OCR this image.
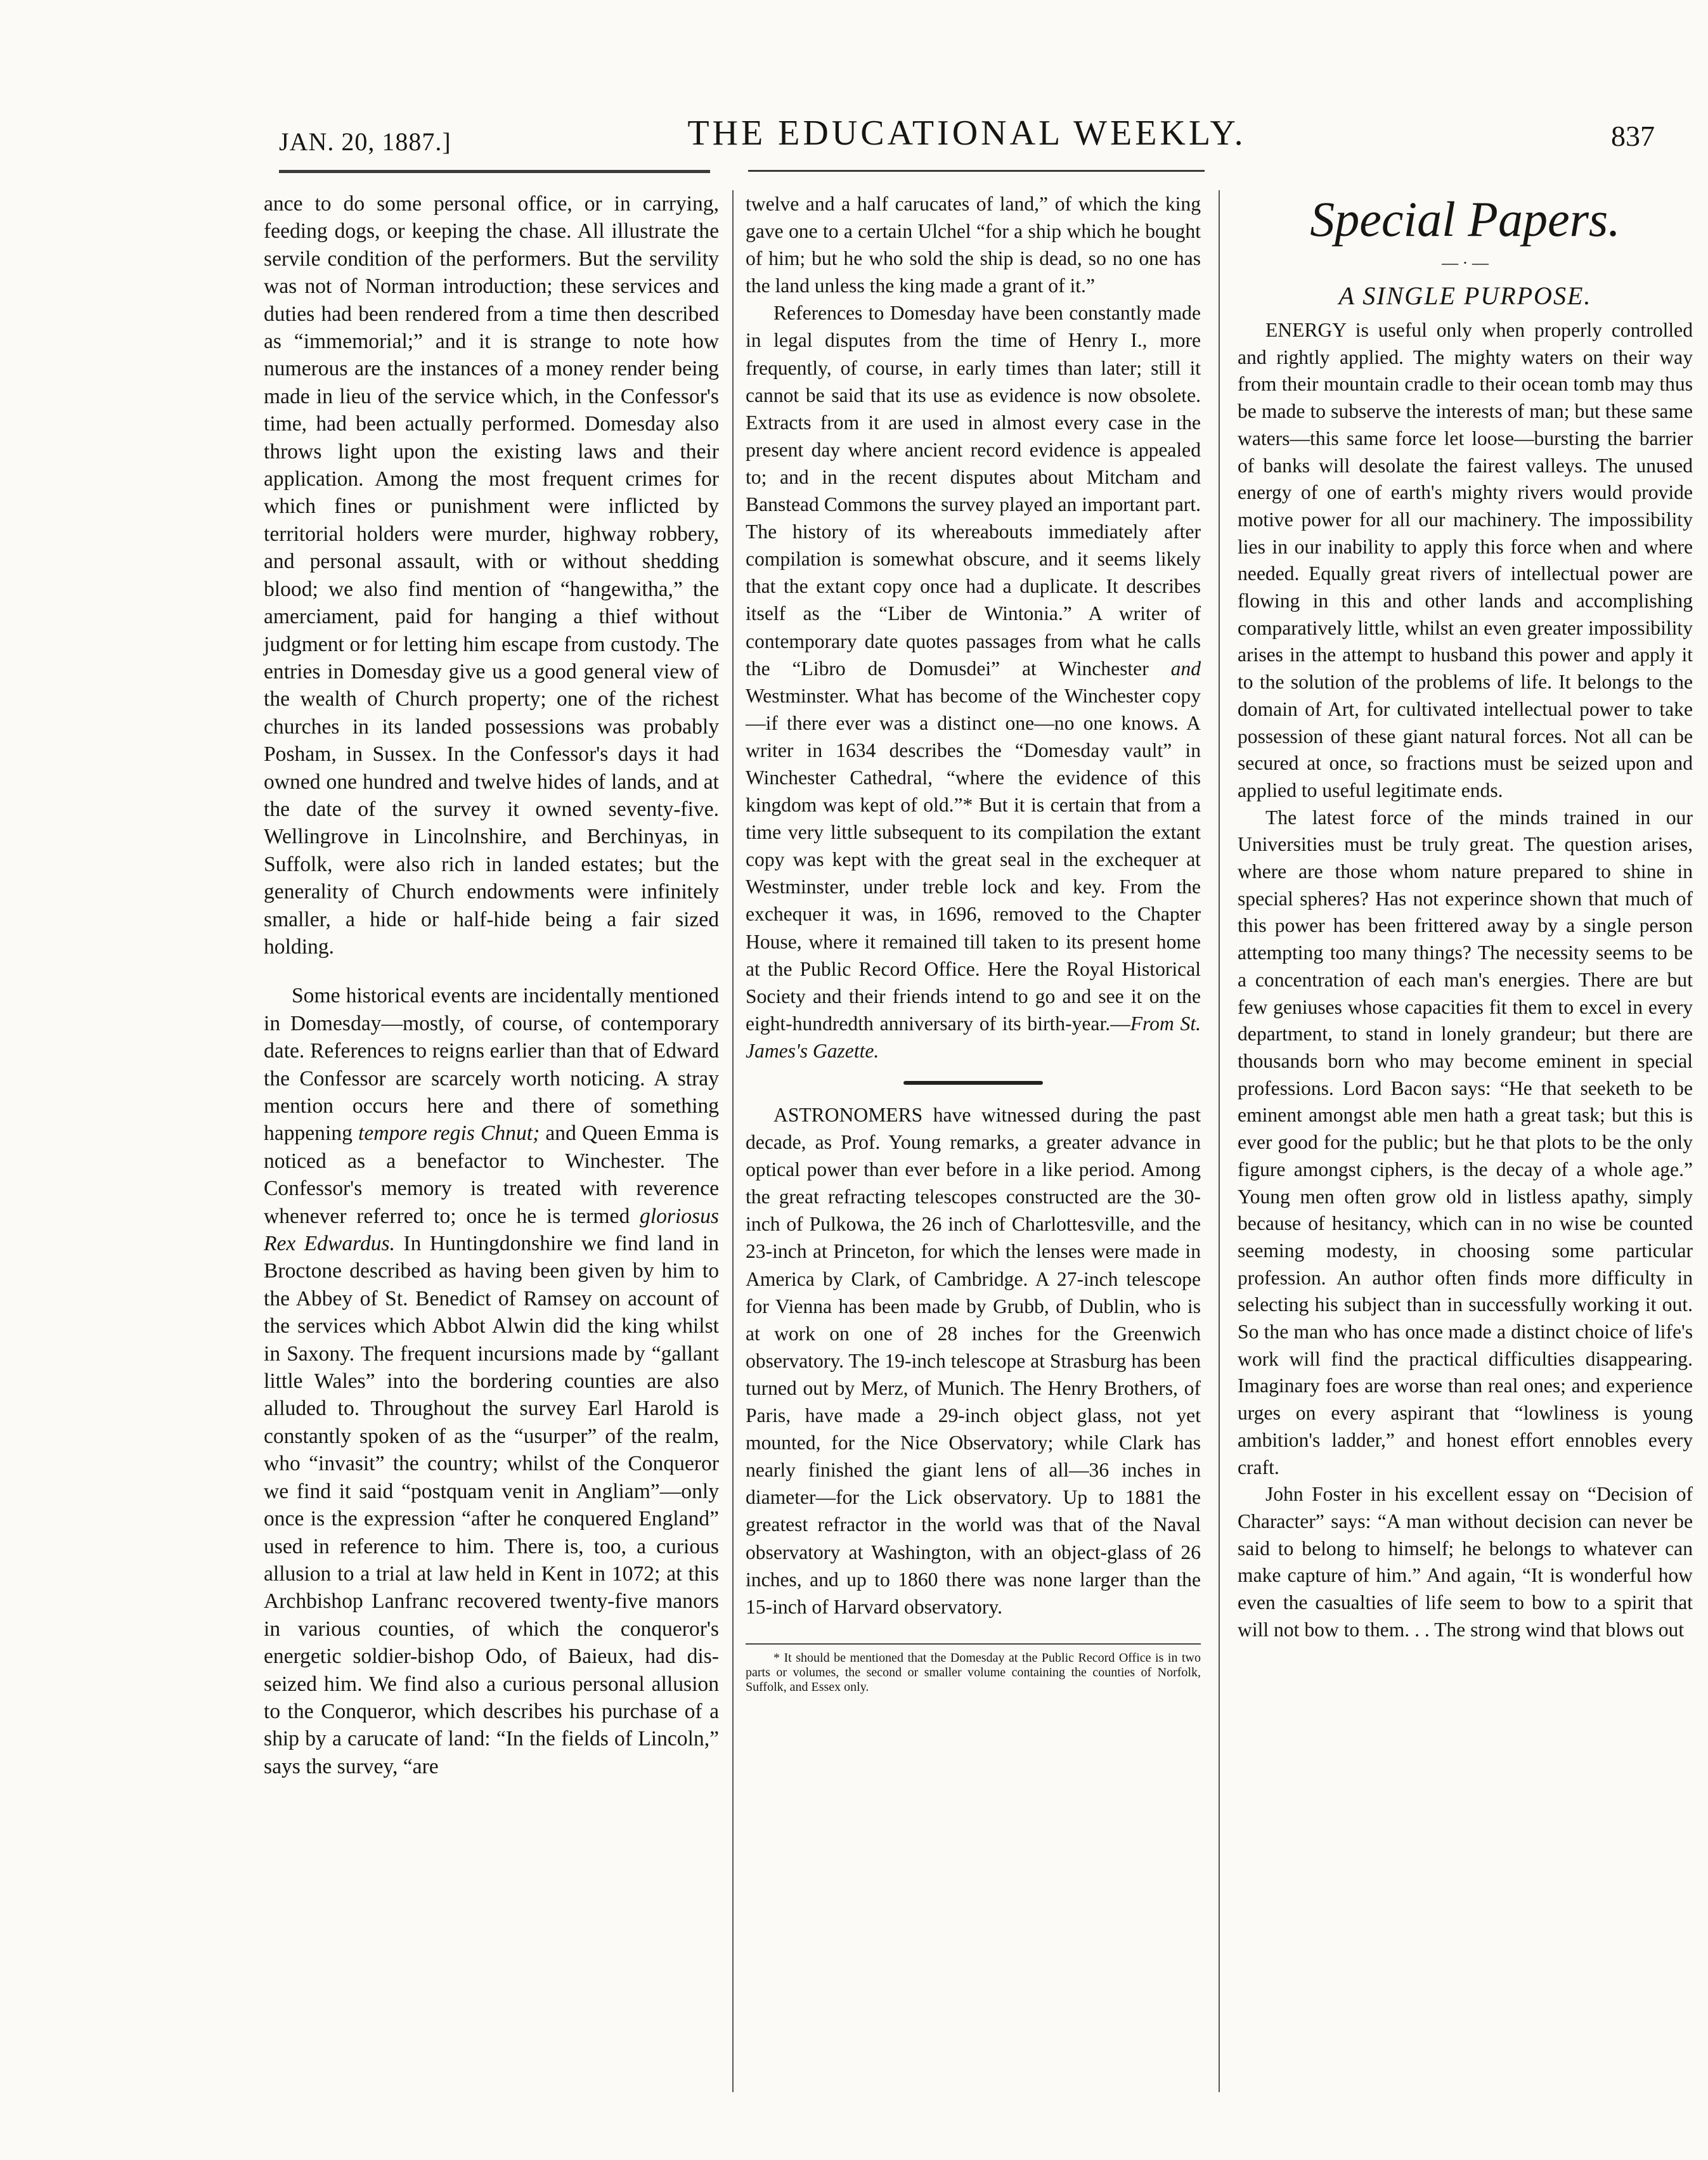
JAN. 20, 1887.]	THE EDUCATIONAL WEEKLY.	837

ance to do some personal office, or in carrying, feeding dogs, or keeping the chase. All illustrate the servile condition of the performers. But the servility was not of Norman introduction; these services and duties had been rendered from a time then described as “immemorial;” and it is strange to note how numerous are the instances of a money render being made in lieu of the service which, in the Confessor's time, had been actually performed. Domesday also throws light upon the existing laws and their application. Among the most frequent crimes for which fines or punishment were inflicted by territorial holders were murder, highway robbery, and personal assault, with or without shedding blood; we also find mention of “hangewitha,” the amerciament, paid for hanging a thief without judgment or for letting him escape from custody. The entries in Domesday give us a good general view of the wealth of Church property; one of the richest churches in its landed possessions was probably Posham, in Sussex. In the Confessor's days it had owned one hundred and twelve hides of lands, and at the date of the survey it owned seventy-five. Wellingrove in Lincolnshire, and Berchinyas, in Suffolk, were also rich in landed estates; but the generality of Church endowments were infinitely smaller, a hide or half-hide being a fair sized holding.

Some historical events are incidentally mentioned in Domesday—mostly, of course, of contemporary date. References to reigns earlier than that of Edward the Confessor are scarcely worth noticing. A stray mention occurs here and there of something happening tempore regis Chnut; and Queen Emma is noticed as a benefactor to Winchester. The Confessor's memory is treated with reverence whenever referred to; once he is termed gloriosus Rex Edwardus. In Huntingdonshire we find land in Broctone described as having been given by him to the Abbey of St. Benedict of Ramsey on account of the services which Abbot Alwin did the king whilst in Saxony. The frequent incursions made by “gallant little Wales” into the bordering counties are also alluded to. Throughout the survey Earl Harold is constantly spoken of as the “usurper” of the realm, who “invasit” the country; whilst of the Conqueror we find it said “postquam venit in Angliam”—only once is the expression “after he conquered England” used in reference to him. There is, too, a curious allusion to a trial at law held in Kent in 1072; at this Archbishop Lanfranc recovered twenty-five manors in various counties, of which the conqueror's energetic soldier-bishop Odo, of Baieux, had dis-seized him. We find also a curious personal allusion to the Conqueror, which describes his purchase of a ship by a carucate of land: “In the fields of Lincoln,” says the survey, “are

twelve and a half carucates of land,” of which the king gave one to a certain Ulchel “for a ship which he bought of him; but he who sold the ship is dead, so no one has the land unless the king made a grant of it.”

References to Domesday have been constantly made in legal disputes from the time of Henry I., more frequently, of course, in early times than later; still it cannot be said that its use as evidence is now obsolete. Extracts from it are used in almost every case in the present day where ancient record evidence is appealed to; and in the recent disputes about Mitcham and Banstead Commons the survey played an important part. The history of its whereabouts immediately after compilation is somewhat obscure, and it seems likely that the extant copy once had a duplicate. It describes itself as the “Liber de Wintonia.” A writer of contemporary date quotes passages from what he calls the “Libro de Domusdei” at Winchester and Westminster. What has become of the Winchester copy—if there ever was a distinct one—no one knows. A writer in 1634 describes the “Domesday vault” in Winchester Cathedral, “where the evidence of this kingdom was kept of old.”* But it is certain that from a time very little subsequent to its compilation the extant copy was kept with the great seal in the exchequer at Westminster, under treble lock and key. From the exchequer it was, in 1696, removed to the Chapter House, where it remained till taken to its present home at the Public Record Office. Here the Royal Historical Society and their friends intend to go and see it on the eight-hundredth anniversary of its birth-year.—From St. James's Gazette.

ASTRONOMERS have witnessed during the past decade, as Prof. Young remarks, a greater advance in optical power than ever before in a like period. Among the great refracting telescopes constructed are the 30-inch of Pulkowa, the 26 inch of Charlottesville, and the 23-inch at Princeton, for which the lenses were made in America by Clark, of Cambridge. A 27-inch telescope for Vienna has been made by Grubb, of Dublin, who is at work on one of 28 inches for the Greenwich observatory. The 19-inch telescope at Strasburg has been turned out by Merz, of Munich. The Henry Brothers, of Paris, have made a 29-inch object glass, not yet mounted, for the Nice Observatory; while Clark has nearly finished the giant lens of all—36 inches in diameter—for the Lick observatory. Up to 1881 the greatest refractor in the world was that of the Naval observatory at Washington, with an object-glass of 26 inches, and up to 1860 there was none larger than the 15-inch of Harvard observatory.

* It should be mentioned that the Domesday at the Public Record Office is in two parts or volumes, the second or smaller volume containing the counties of Norfolk, Suffolk, and Essex only.

Special Papers.
— · —
A SINGLE PURPOSE.

ENERGY is useful only when properly controlled and rightly applied. The mighty waters on their way from their mountain cradle to their ocean tomb may thus be made to subserve the interests of man; but these same waters—this same force let loose—bursting the barrier of banks will desolate the fairest valleys. The unused energy of one of earth's mighty rivers would provide motive power for all our machinery. The impossibility lies in our inability to apply this force when and where needed. Equally great rivers of intellectual power are flowing in this and other lands and accomplishing comparatively little, whilst an even greater impossibility arises in the attempt to husband this power and apply it to the solution of the problems of life. It belongs to the domain of Art, for cultivated intellectual power to take possession of these giant natural forces. Not all can be secured at once, so fractions must be seized upon and applied to useful legitimate ends.

The latest force of the minds trained in our Universities must be truly great. The question arises, where are those whom nature prepared to shine in special spheres? Has not experince shown that much of this power has been frittered away by a single person attempting too many things? The necessity seems to be a concentration of each man's energies. There are but few geniuses whose capacities fit them to excel in every department, to stand in lonely grandeur; but there are thousands born who may become eminent in special professions. Lord Bacon says: “He that seeketh to be eminent amongst able men hath a great task; but this is ever good for the public; but he that plots to be the only figure amongst ciphers, is the decay of a whole age.” Young men often grow old in listless apathy, simply because of hesitancy, which can in no wise be counted seeming modesty, in choosing some particular profession. An author often finds more difficulty in selecting his subject than in successfully working it out. So the man who has once made a distinct choice of life's work will find the practical difficulties disappearing. Imaginary foes are worse than real ones; and experience urges on every aspirant that “lowliness is young ambition's ladder,” and honest effort ennobles every craft.

John Foster in his excellent essay on “Decision of Character” says: “A man without decision can never be said to belong to himself; he belongs to whatever can make capture of him.” And again, “It is wonderful how even the casualties of life seem to bow to a spirit that will not bow to them. . . The strong wind that blows out
